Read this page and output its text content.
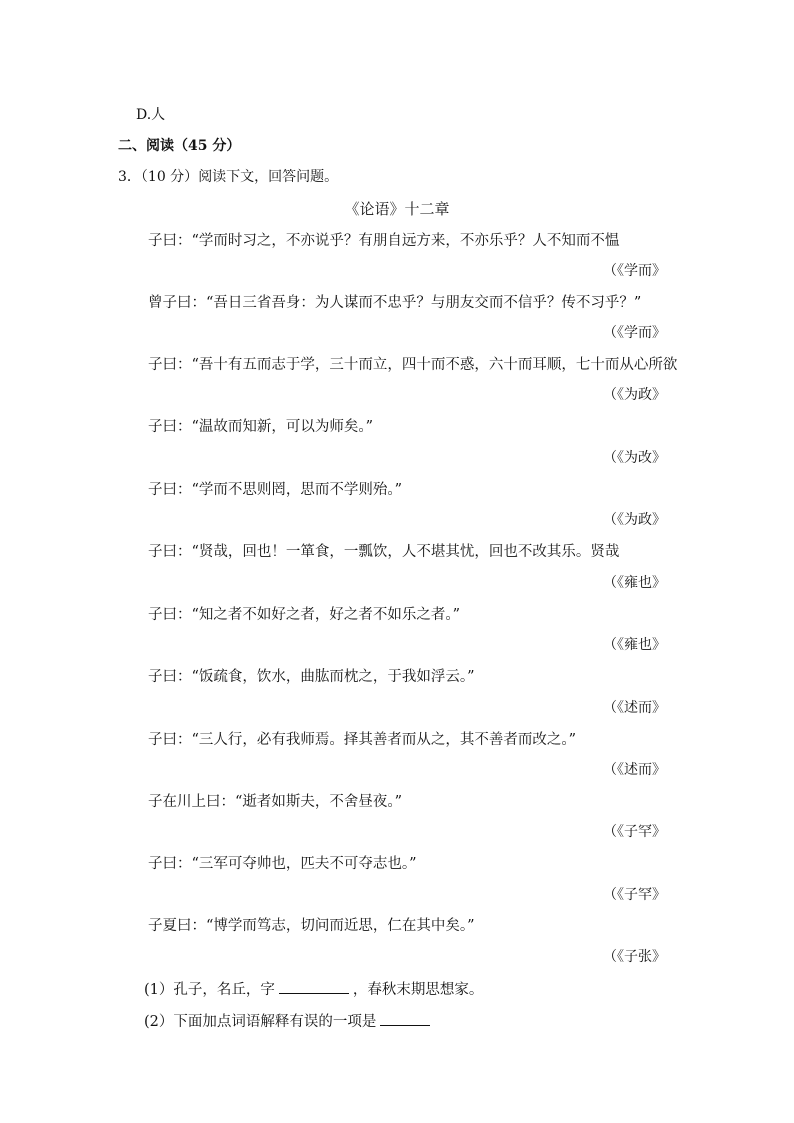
D.人
二、阅读（45 分）
3．（10 分）阅读下文，回答问题。
《论语》十二章
子曰：“学而时习之，不亦说乎？有朋自远方来，不亦乐乎？人不知而不愠
（《学而》
曾子曰：“吾日三省吾身：为人谋而不忠乎？与朋友交而不信乎？传不习乎？”
（《学而》
子曰：“吾十有五而志于学，三十而立，四十而不惑，六十而耳顺，七十而从心所欲
（《为政》
子曰：“温故而知新，可以为师矣。”
（《为改》
子曰：“学而不思则罔，思而不学则殆。”
（《为政》
子曰：“贤哉，回也！一箪食，一瓢饮，人不堪其忧，回也不改其乐。贤哉
（《雍也》
子曰：“知之者不如好之者，好之者不如乐之者。”
（《雍也》
子曰：“饭疏食，饮水，曲肱而枕之，于我如浮云。”
（《述而》
子曰：“三人行，必有我师焉。择其善者而从之，其不善者而改之。”
（《述而》
子在川上曰：“逝者如斯夫，不舍昼夜。”
（《子罕》
子曰：“三军可夺帅也，匹夫不可夺志也。”
（《子罕》
子夏曰：“博学而笃志，切问而近思，仁在其中矣。”
（《子张》
(1）孔子，名丘，字	，春秋末期思想家。
(2）下面加点词语解释有误的一项是
